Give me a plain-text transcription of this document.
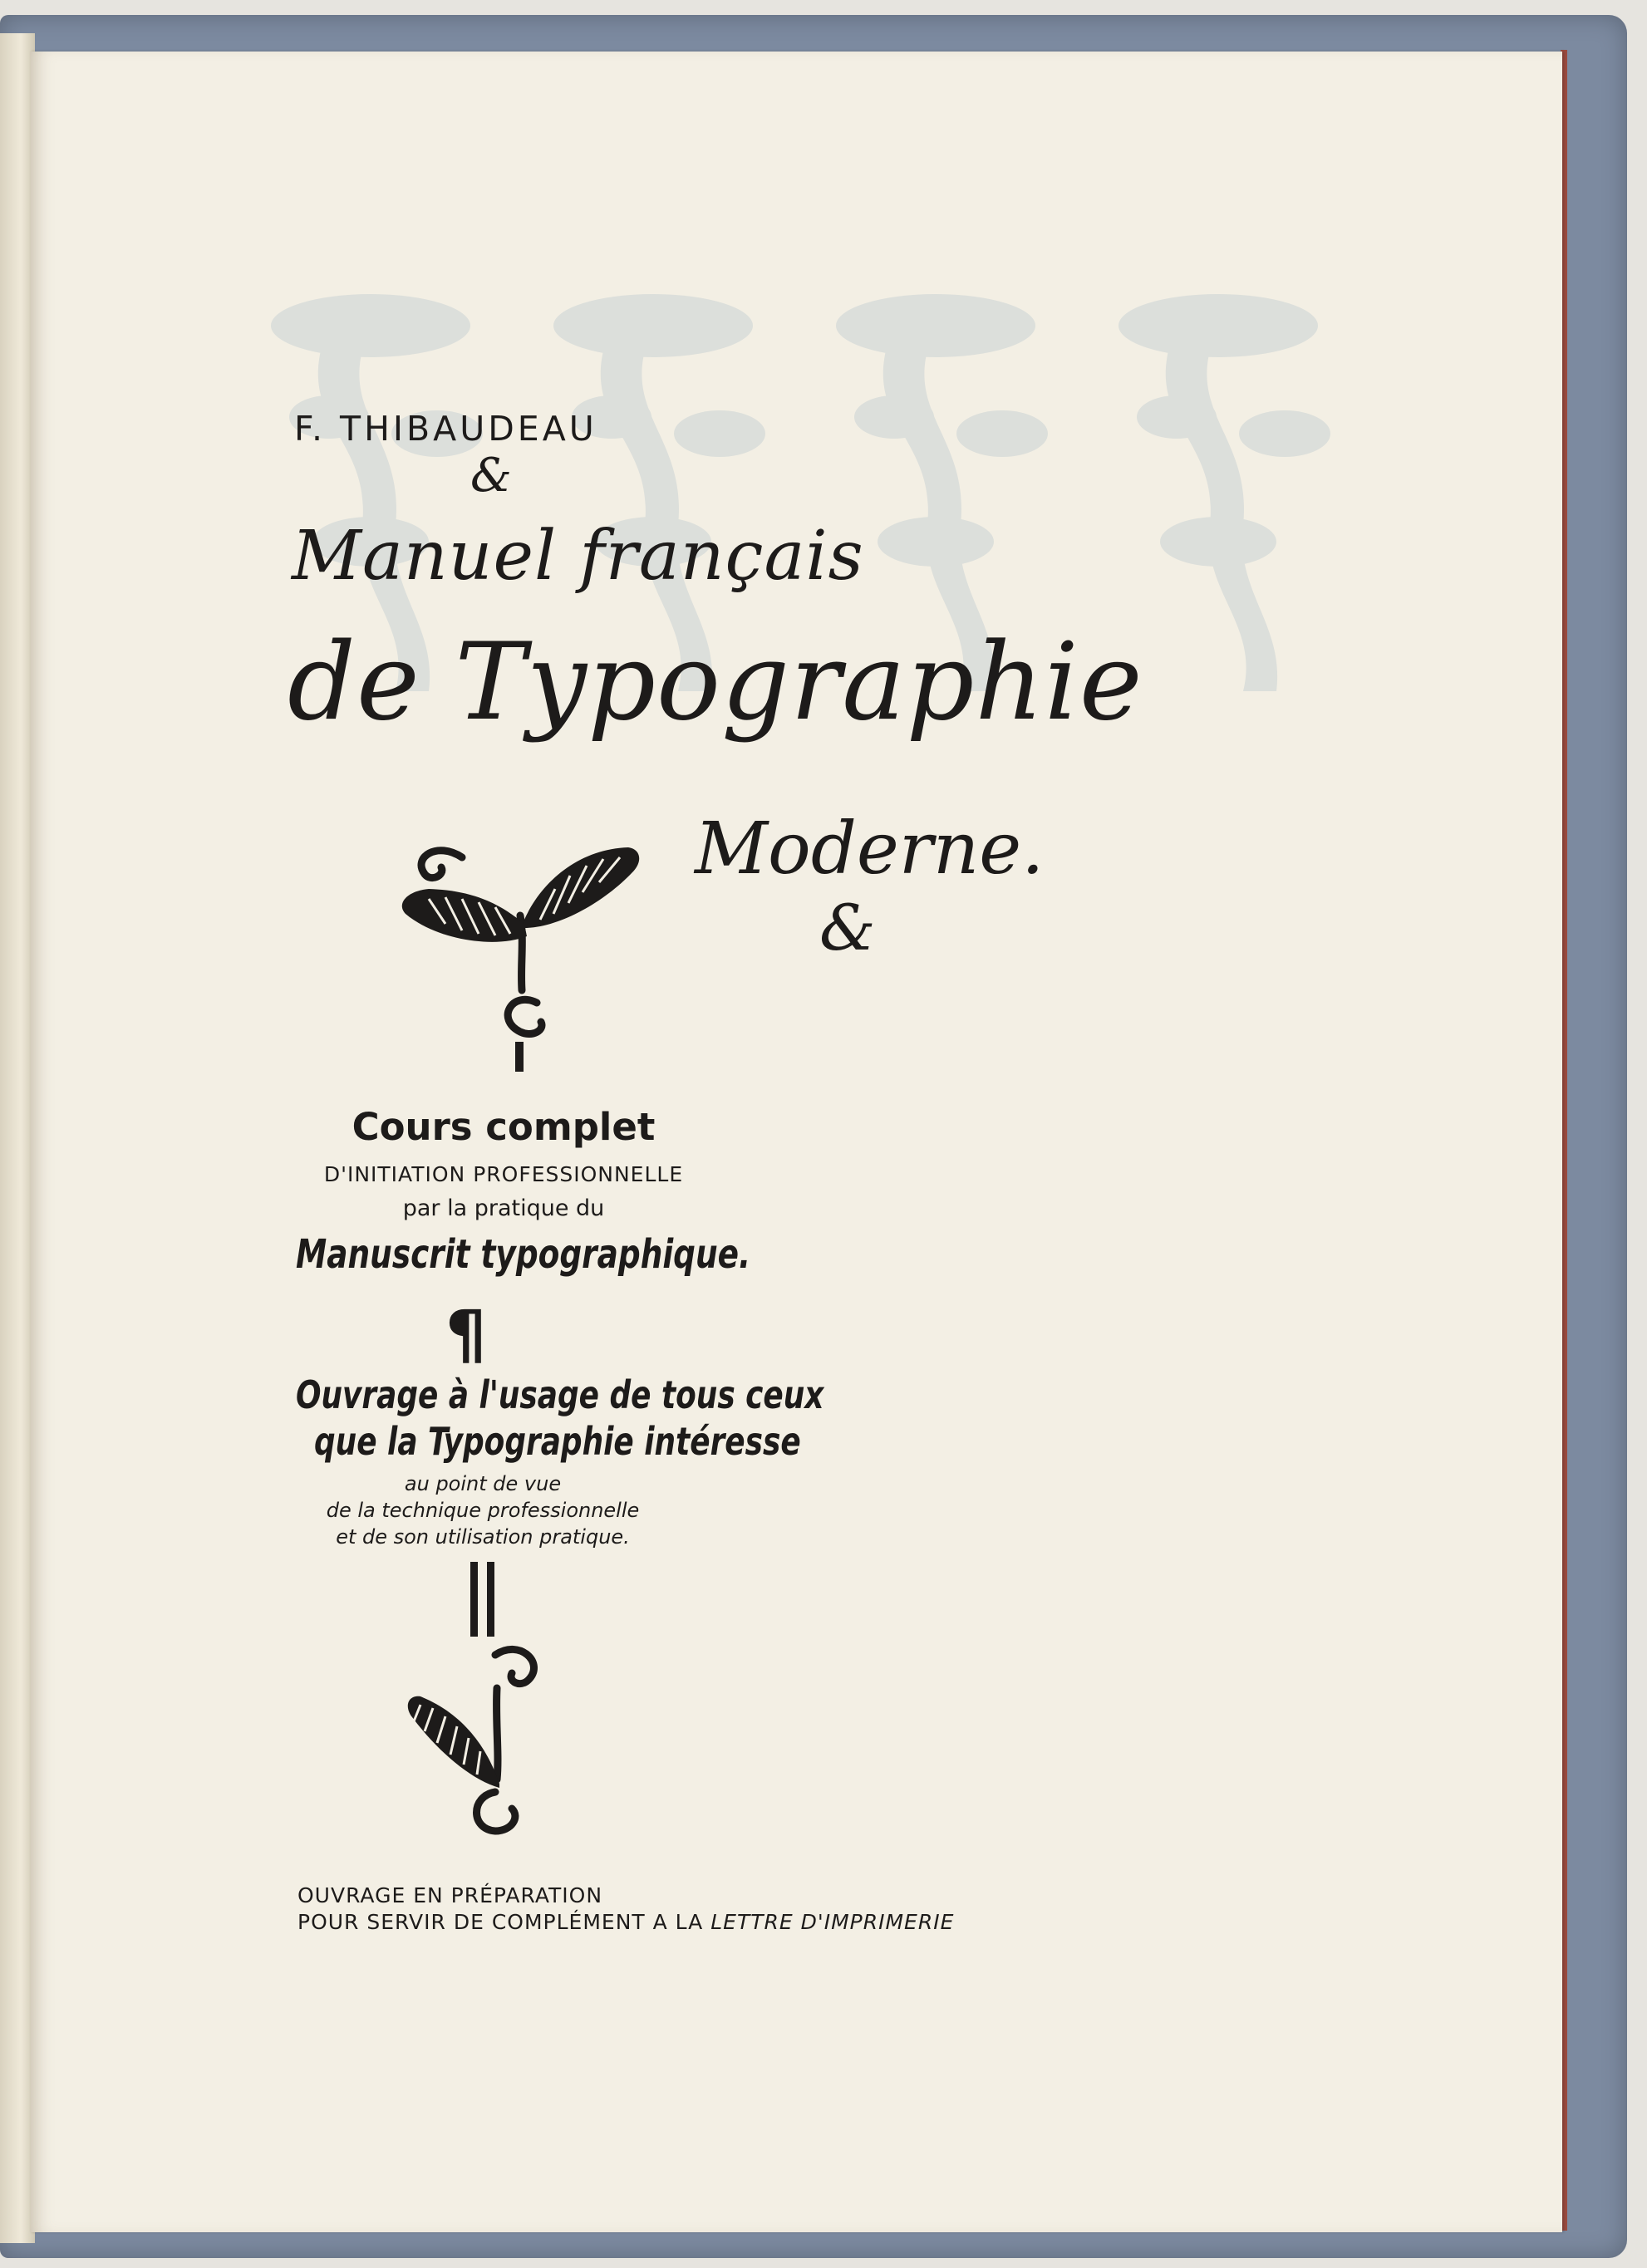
F. THIBAUDEAU
&
Manuel français
de Typographie
Moderne.
&
Cours complet
D'INITIATION PROFESSIONNELLE
par la pratique du
Manuscrit typographique.
¶
Ouvrage à l'usage de tous ceux
que la Typographie intéresse
au point de vue
de la technique professionnelle
et de son utilisation pratique.
OUVRAGE EN PRÉPARATION
POUR SERVIR DE COMPLÉMENT A LA LETTRE D'IMPRIMERIE
